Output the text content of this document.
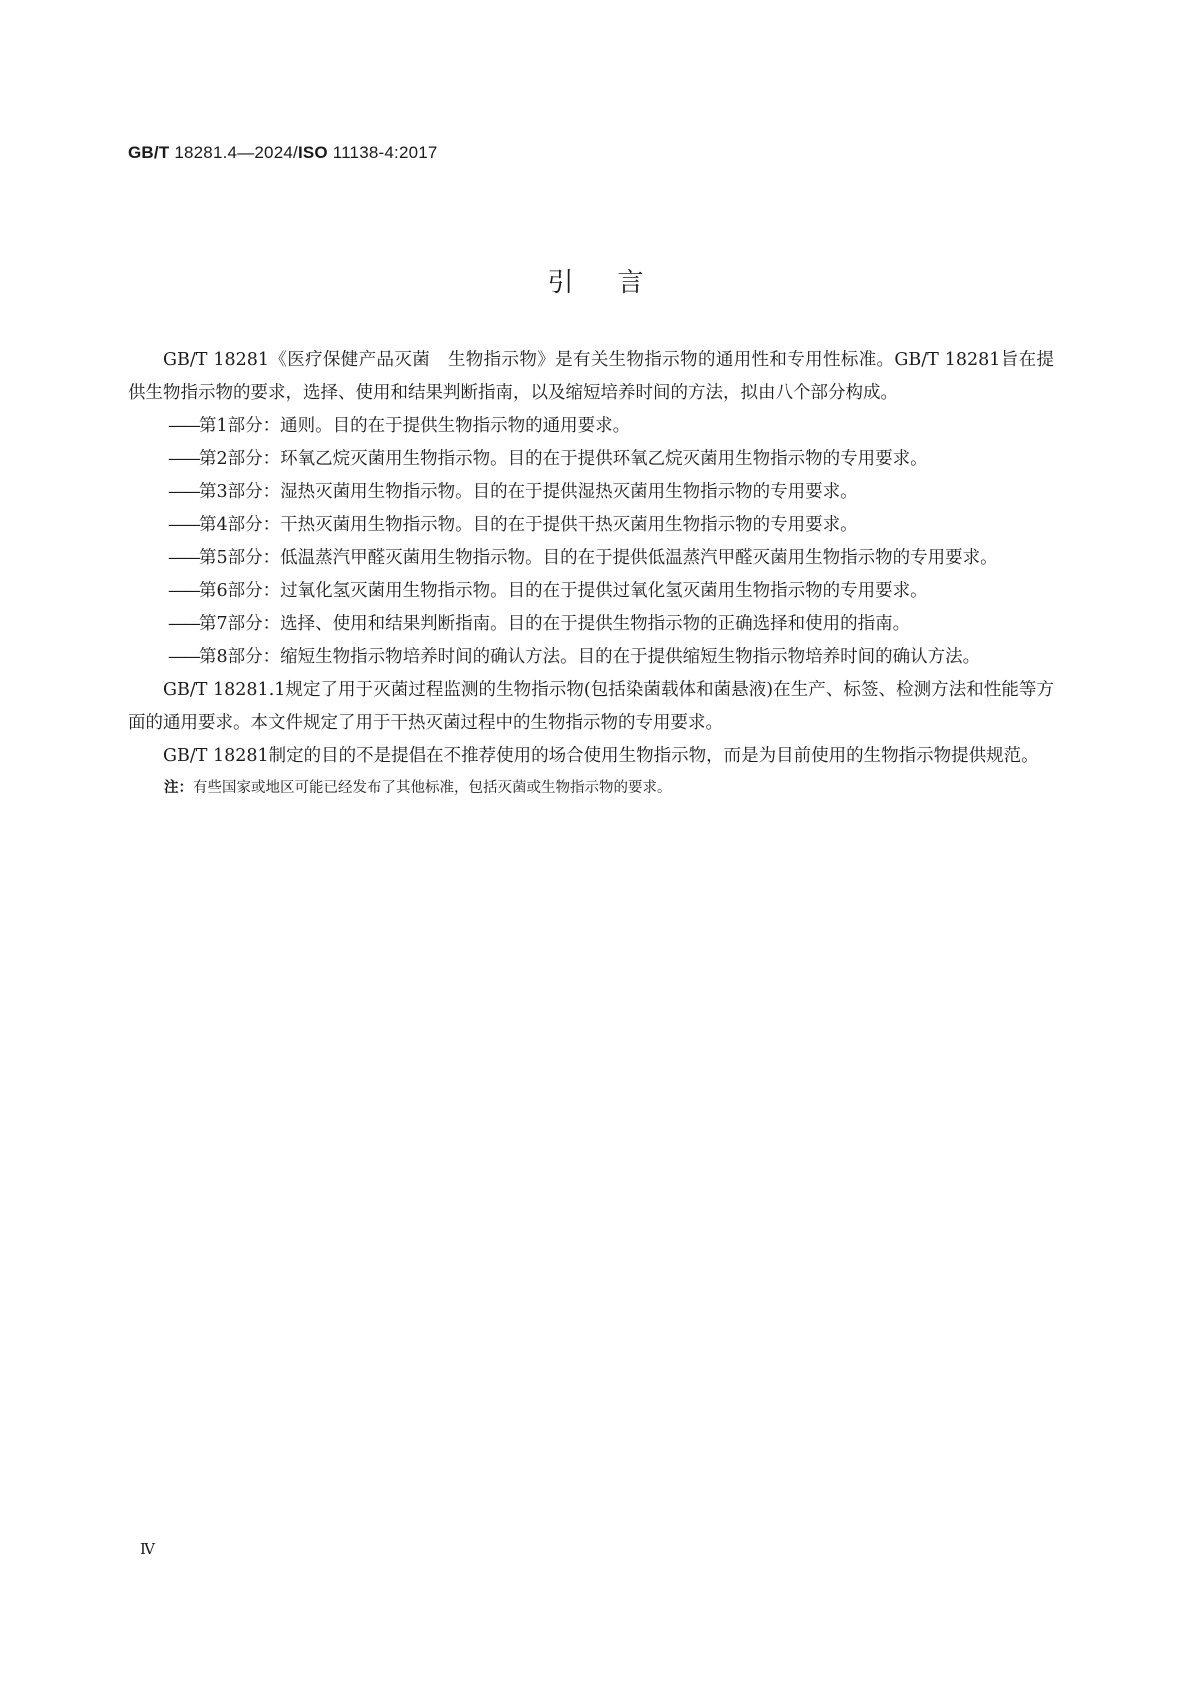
GB/T 18281.4—2024/ISO 11138-4:2017
引言

GB/T 18281《医疗保健产品灭菌　生物指示物》是有关生物指示物的通用性和专用性标准。GB/T 18281旨在提供生物指示物的要求，选择、使用和结果判断指南，以及缩短培养时间的方法，拟由八个部分构成。

——第1部分：通则。目的在于提供生物指示物的通用要求。
——第2部分：环氧乙烷灭菌用生物指示物。目的在于提供环氧乙烷灭菌用生物指示物的专用要求。
——第3部分：湿热灭菌用生物指示物。目的在于提供湿热灭菌用生物指示物的专用要求。
——第4部分：干热灭菌用生物指示物。目的在于提供干热灭菌用生物指示物的专用要求。
——第5部分：低温蒸汽甲醛灭菌用生物指示物。目的在于提供低温蒸汽甲醛灭菌用生物指示物的专用要求。
——第6部分：过氧化氢灭菌用生物指示物。目的在于提供过氧化氢灭菌用生物指示物的专用要求。
——第7部分：选择、使用和结果判断指南。目的在于提供生物指示物的正确选择和使用的指南。
——第8部分：缩短生物指示物培养时间的确认方法。目的在于提供缩短生物指示物培养时间的确认方法。

GB/T 18281.1规定了用于灭菌过程监测的生物指示物(包括染菌载体和菌悬液)在生产、标签、检测方法和性能等方面的通用要求。本文件规定了用于干热灭菌过程中的生物指示物的专用要求。

GB/T 18281制定的目的不是提倡在不推荐使用的场合使用生物指示物，而是为目前使用的生物指示物提供规范。

注：有些国家或地区可能已经发布了其他标准，包括灭菌或生物指示物的要求。
Ⅳ
